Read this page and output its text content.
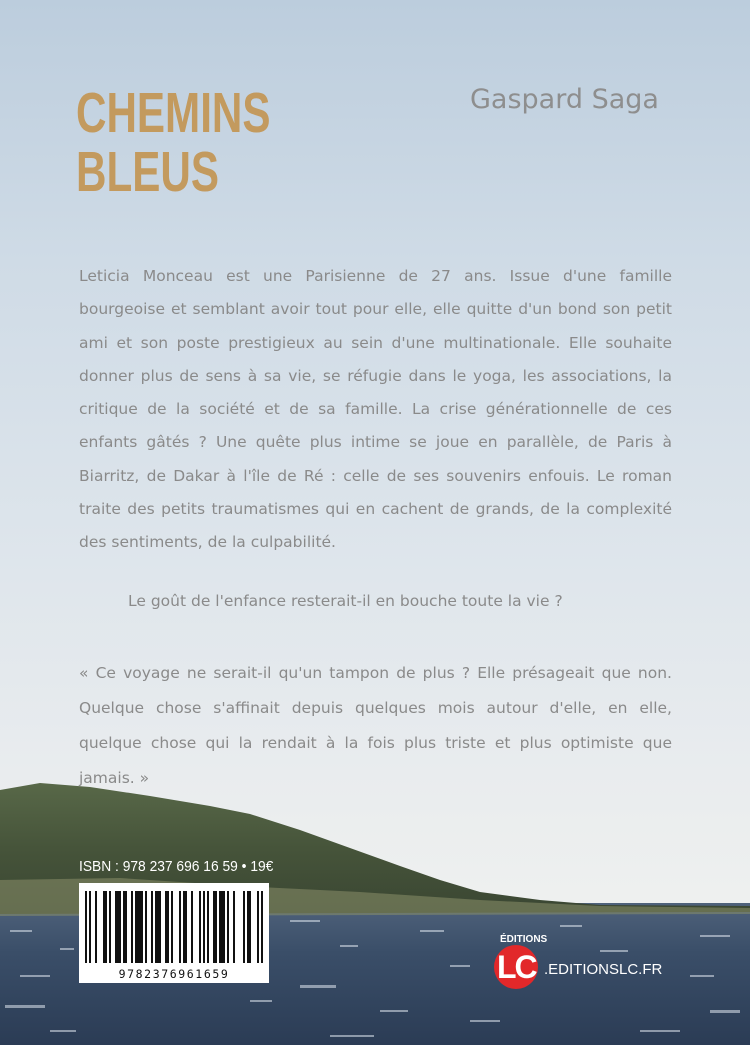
CHEMINS
BLEUS
Gaspard Saga

Leticia Monceau est une Parisienne de 27 ans. Issue d'une famille bourgeoise et semblant avoir tout pour elle, elle quitte d'un bond son petit ami et son poste prestigieux au sein d'une multinationale. Elle souhaite donner plus de sens à sa vie, se réfugie dans le yoga, les associations, la critique de la société et de sa famille. La crise générationnelle de ces enfants gâtés ? Une quête plus intime se joue en parallèle, de Paris à Biarritz, de Dakar à l'île de Ré : celle de ses souvenirs enfouis. Le roman traite des petits traumatismes qui en cachent de grands, de la complexité des sentiments, de la culpabilité.

Le goût de l'enfance resterait-il en bouche toute la vie ?

« Ce voyage ne serait-il qu'un tampon de plus ? Elle présageait que non. Quelque chose s'affinait depuis quelques mois autour d'elle, en elle, quelque chose qui la rendait à la fois plus triste et plus optimiste que jamais. »

ISBN : 978 237 696 16 59 • 19€
9782376961659
ÉDITIONS
LC .EDITIONSLC.FR
